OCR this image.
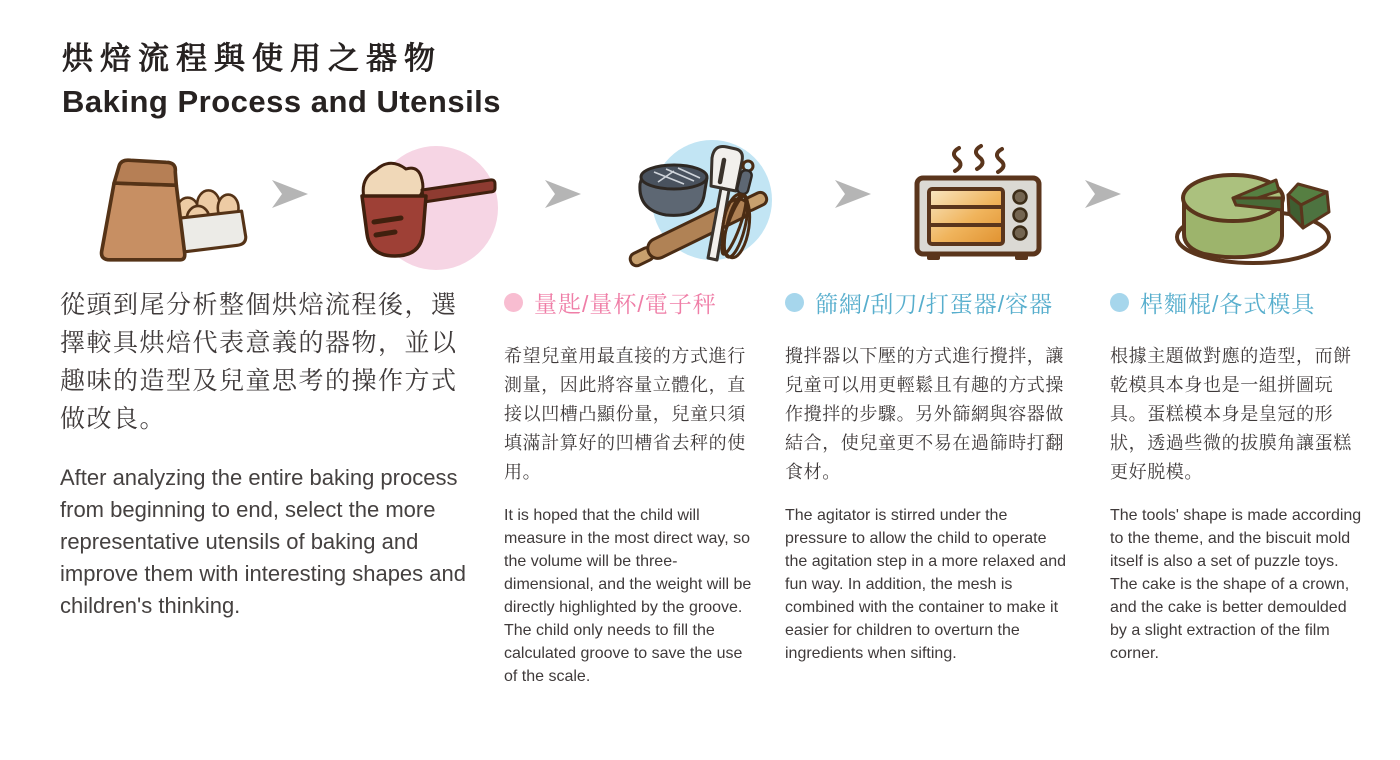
烘焙流程與使用之器物
Baking Process and Utensils

從頭到尾分析整個烘焙流程後，選擇較具烘焙代表意義的器物，並以趣味的造型及兒童思考的操作方式做改良。

After analyzing the entire baking process from beginning to end, select the more representative utensils of baking and improve them with interesting shapes and children's thinking.

量匙/量杯/電子秤

希望兒童用最直接的方式進行測量，因此將容量立體化，直接以凹槽凸顯份量，兒童只須填滿計算好的凹槽省去秤的使用。

It is hoped that the child will measure in the most direct way, so the volume will be three-dimensional, and the weight will be directly highlighted by the groove. The child only needs to fill the calculated groove to save the use of the scale.

篩網/刮刀/打蛋器/容器

攪拌器以下壓的方式進行攪拌，讓兒童可以用更輕鬆且有趣的方式操作攪拌的步驟。另外篩網與容器做結合，使兒童更不易在過篩時打翻食材。

The agitator is stirred under the pressure to allow the child to operate the agitation step in a more relaxed and fun way. In addition, the mesh is combined with the container to make it easier for children to overturn the ingredients when sifting.

桿麵棍/各式模具

根據主題做對應的造型，而餅乾模具本身也是一組拼圖玩具。蛋糕模本身是皇冠的形狀，透過些微的拔膜角讓蛋糕更好脱模。

The tools' shape is made according to the theme, and the biscuit mold itself is also a set of puzzle toys. The cake is the shape of a crown, and the cake is better demoulded by a slight extraction of the film corner.
